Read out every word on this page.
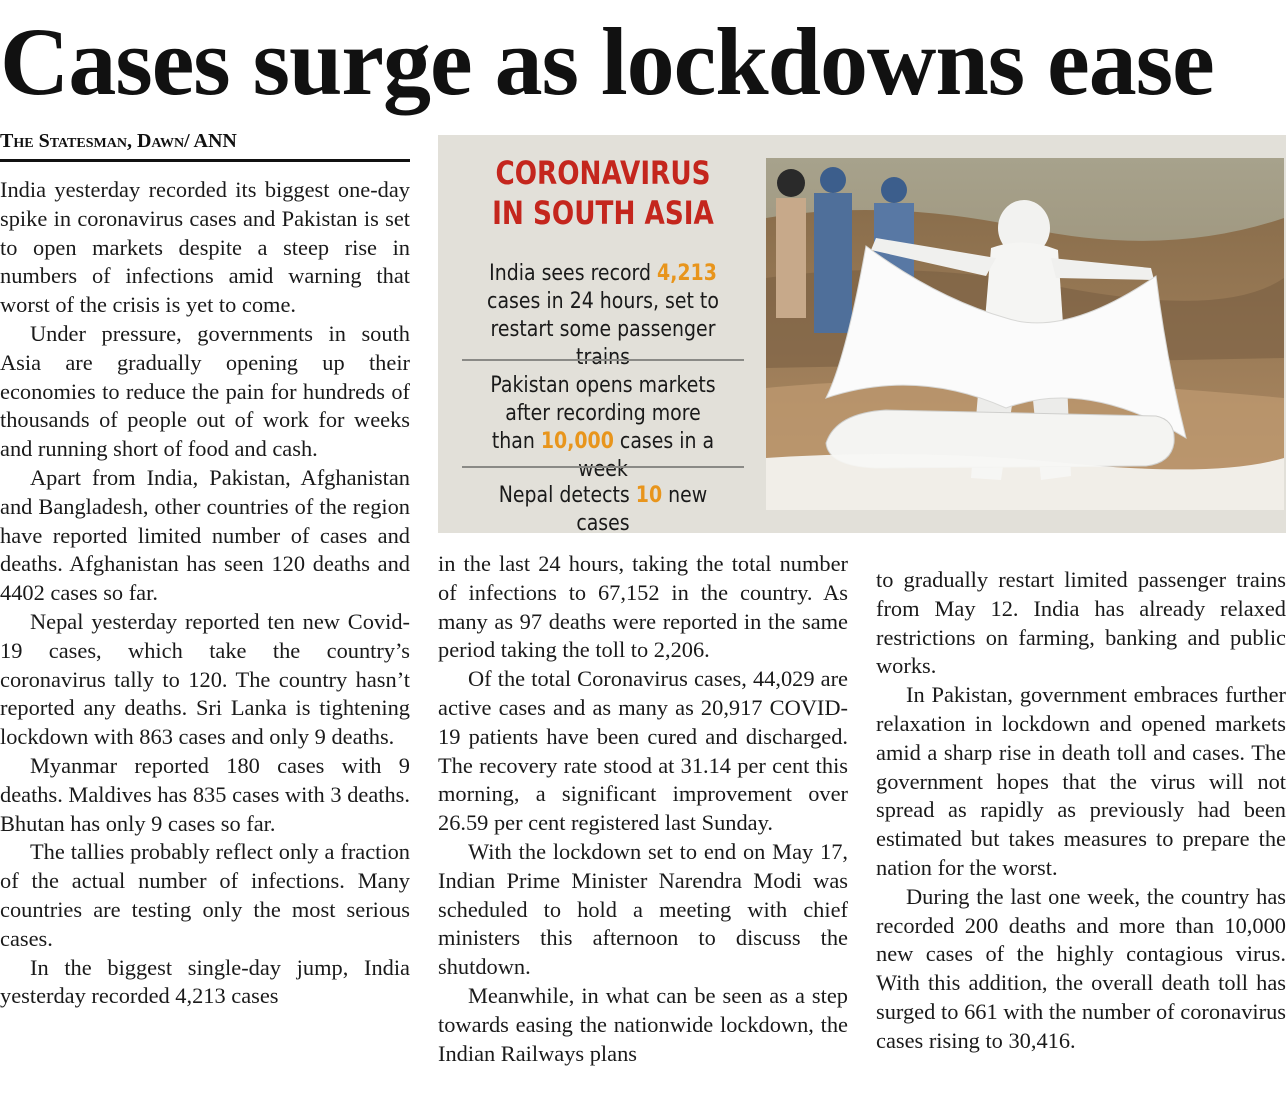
Cases surge as lockdowns ease
The Statesman, Dawn/ ANN

India yesterday recorded its biggest one-day spike in coronavirus cases and Pakistan is set to open markets despite a steep rise in numbers of infections amid warning that worst of the crisis is yet to come.

Under pressure, governments in south Asia are gradually opening up their economies to reduce the pain for hundreds of thousands of people out of work for weeks and running short of food and cash.

Apart from India, Pakistan, Afghanistan and Bangladesh, other countries of the region have reported limited number of cases and deaths. Afghanistan has seen 120 deaths and 4402 cases so far.

Nepal yesterday reported ten new Covid-19 cases, which take the country’s coronavirus tally to 120. The country hasn’t reported any deaths. Sri Lanka is tightening lockdown with 863 cases and only 9 deaths.

Myanmar reported 180 cases with 9 deaths. Maldives has 835 cases with 3 deaths. Bhutan has only 9 cases so far.

The tallies probably reflect only a fraction of the actual number of infections. Many countries are testing only the most serious cases.

In the biggest single-day jump, India yesterday recorded 4,213 cases

CORONAVIRUS
IN SOUTH ASIA
India sees record 4,213 cases in 24 hours, set to restart some passenger trains
Pakistan opens markets after recording more than 10,000 cases in a week
Nepal detects 10 new cases

in the last 24 hours, taking the total number of infections to 67,152 in the country. As many as 97 deaths were reported in the same period taking the toll to 2,206.

Of the total Coronavirus cases, 44,029 are active cases and as many as 20,917 COVID-19 patients have been cured and discharged. The recovery rate stood at 31.14 per cent this morning, a significant improvement over 26.59 per cent registered last Sunday.

With the lockdown set to end on May 17, Indian Prime Minister Narendra Modi was scheduled to hold a meeting with chief ministers this afternoon to discuss the shutdown.

Meanwhile, in what can be seen as a step towards easing the nationwide lockdown, the Indian Railways plans

to gradually restart limited passenger trains from May 12. India has already relaxed restrictions on farming, banking and public works.

In Pakistan, government embraces further relaxation in lockdown and opened markets amid a sharp rise in death toll and cases. The government hopes that the virus will not spread as rapidly as previously had been estimated but takes measures to prepare the nation for the worst.

During the last one week, the country has recorded 200 deaths and more than 10,000 new cases of the highly contagious virus. With this addition, the overall death toll has surged to 661 with the number of coronavirus cases rising to 30,416.
